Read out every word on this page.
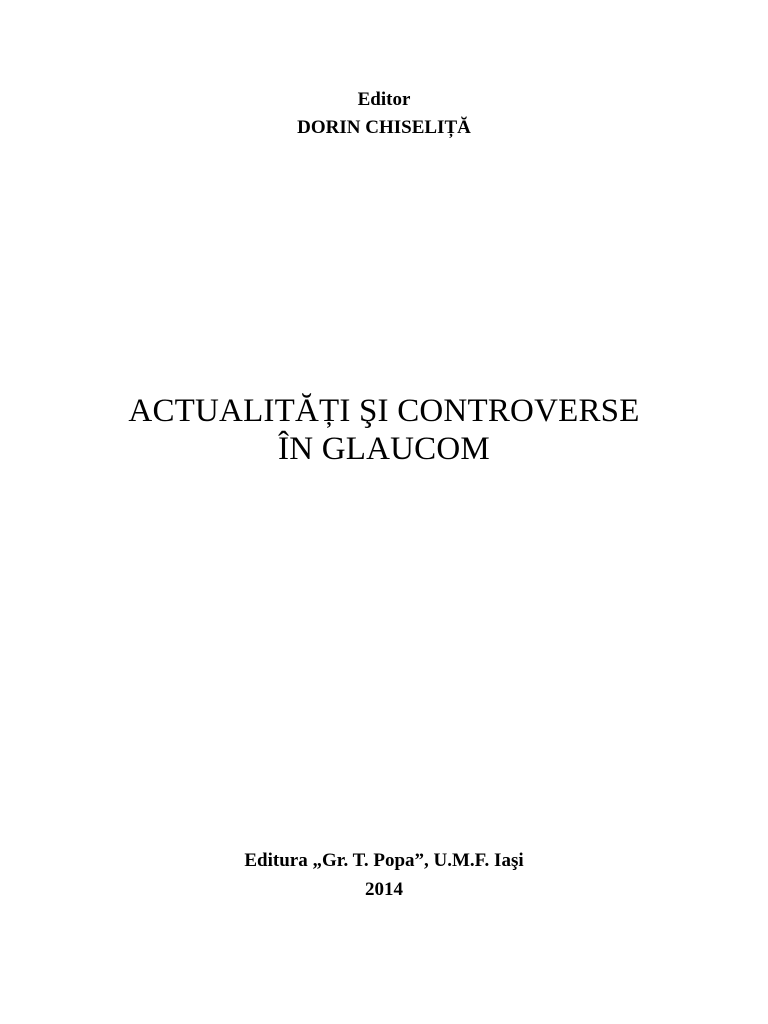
Editor
DORIN CHISELIȚĂ
ACTUALITĂȚI ŞI CONTROVERSE
ÎN GLAUCOM
Editura „Gr. T. Popa”, U.M.F. Iaşi
2014
